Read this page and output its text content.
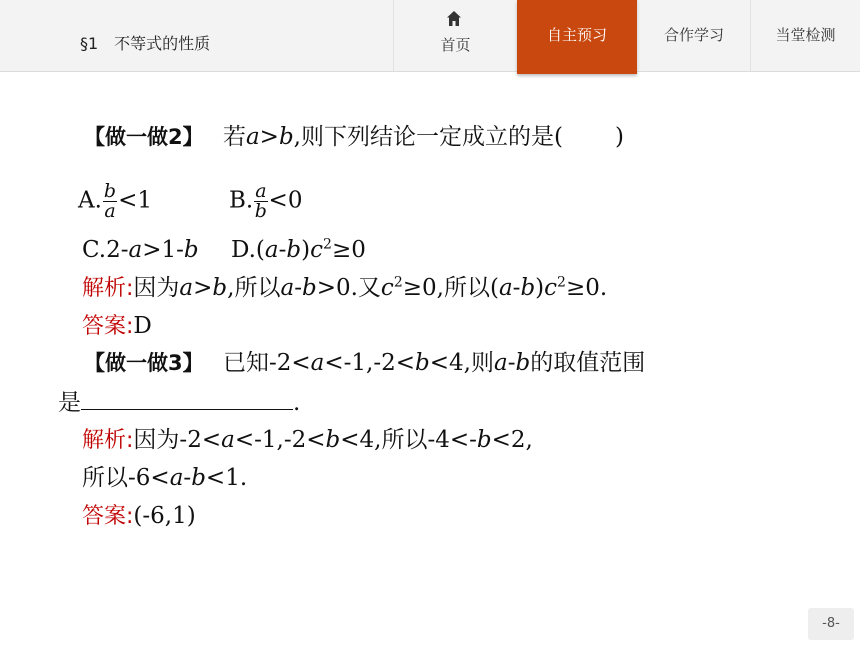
§1　不等式的性质	首页
自主预习	合作学习	当堂检测
【做一做2】 若a>b,则下列结论一定成立的是( )
A. $\frac{b}{a} <1$	B. $\frac{a}{b} <0$
C.2-a>1-b $D.(a-b)c^2\ge 0$
解析:因为a>b,所以a-b>0.又$c^2\ge 0$,所以$(a-b)c^2\ge 0$.
答案:D
【做一做3】 已知-2<a<-1,-2<b<4,则a-b的取值范围
是	.
解析:因为-2<a<-1,-2<b<4,所以-4<-b<2,
所以-6<a-b<1.
答案:(-6,1)
-8-
